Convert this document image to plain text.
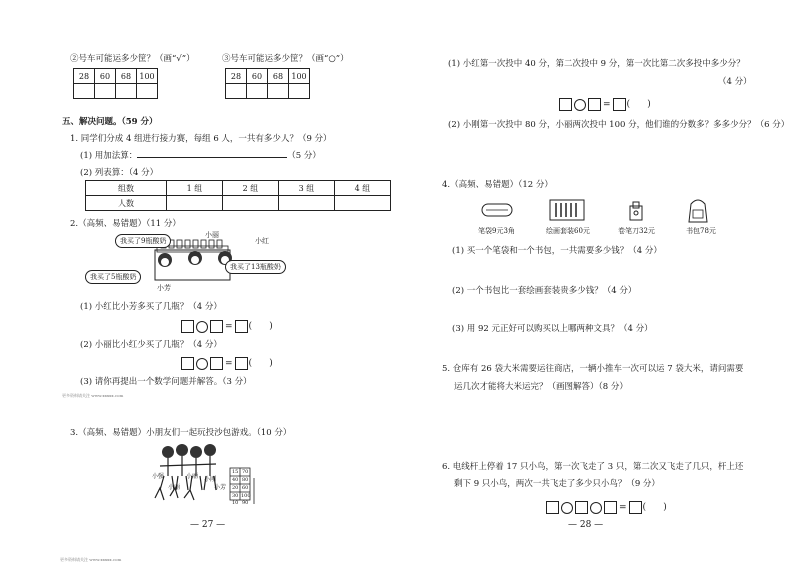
②号车可能运多少筐？（画“√”）
28	60	68	100

③号车可能运多少筐？（画“○”）
28	60	68	100

五、解决问题。（59 分）
1. 同学们分成 4 组进行接力赛，每组 6 人，一共有多少人？（9 分）
(1) 用加法算：	（5 分）
(2) 列表算：（4 分）
组数	1 组	2 组	3 组	4 组
人数				
2.（高频、易错题）（11 分）
我买了9瓶酸奶
我买了5瓶酸奶
我买了13瓶酸奶
小丽
小红
小芳
(1) 小红比小芳多买了几瓶？（4 分）
= (      )
(2) 小丽比小红少买了几瓶？（4 分）
= (      )
(3) 请你再提出一个数学问题并解答。（3 分）
更多资料请关注 www.xxxxx.com
3.（高频、易错题）小朋友们一起玩投沙包游戏。（10 分）
小强
小丽
小丽 小刚
小芳
15 70
40 80
20 60
30 100
10 90
— 27 —
更多资料请关注 www.xxxxx.com
(1) 小红第一次投中 40 分，第二次投中 9 分，第一次比第二次多投中多少分？
（4 分）
= (      )
(2) 小刚第一次投中 80 分，小丽两次投中 100 分，他们谁的分数多？多多少分？（6 分）
4.（高频、易错题）（12 分）
笔袋9元3角	绘画套装60元	卷笔刀32元	书包78元
(1) 买一个笔袋和一个书包，一共需要多少钱？（4 分）
(2) 一个书包比一套绘画套装贵多少钱？（4 分）
(3) 用 92 元正好可以购买以上哪两种文具？（4 分）
5. 仓库有 26 袋大米需要运往商店，一辆小推车一次可以运 7 袋大米，请问需要
运几次才能将大米运完？（画图解答）（8 分）
6. 电线杆上停着 17 只小鸟，第一次飞走了 3 只，第二次又飞走了几只，杆上还
剩下 9 只小鸟，两次一共飞走了多少只小鸟？（9 分）
= (      )
— 28 —
